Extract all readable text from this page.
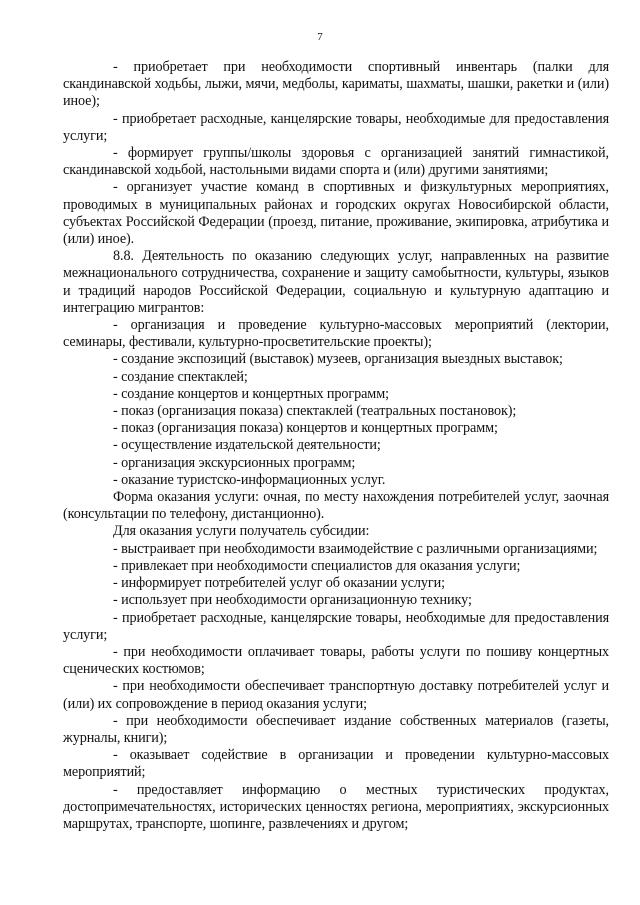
7

- приобретает при необходимости спортивный инвентарь (палки для скандинавской ходьбы, лыжи, мячи, медболы, кариматы, шахматы, шашки, ракетки и (или) иное);

- приобретает расходные, канцелярские товары, необходимые для предоставления услуги;

- формирует группы/школы здоровья с организацией занятий гимнастикой, скандинавской ходьбой, настольными видами спорта и (или) другими занятиями;

- организует участие команд в спортивных и физкультурных мероприятиях, проводимых в муниципальных районах и городских округах Новосибирской области, субъектах Российской Федерации (проезд, питание, проживание, экипировка, атрибутика и (или) иное).

8.8. Деятельность по оказанию следующих услуг, направленных на развитие межнационального сотрудничества, сохранение и защиту самобытности, культуры, языков и традиций народов Российской Федерации, социальную и культурную адаптацию и интеграцию мигрантов:

- организация и проведение культурно-массовых мероприятий (лектории, семинары, фестивали, культурно-просветительские проекты);

- создание экспозиций (выставок) музеев, организация выездных выставок;

- создание спектаклей;

- создание концертов и концертных программ;

- показ (организация показа) спектаклей (театральных постановок);

- показ (организация показа) концертов и концертных программ;

- осуществление издательской деятельности;

- организация экскурсионных программ;

- оказание туристско-информационных услуг.

Форма оказания услуги: очная, по месту нахождения потребителей услуг, заочная (консультации по телефону, дистанционно).

Для оказания услуги получатель субсидии:

- выстраивает при необходимости взаимодействие с различными организациями;

- привлекает при необходимости специалистов для оказания услуги;

- информирует потребителей услуг об оказании услуги;

- использует при необходимости организационную технику;

- приобретает расходные, канцелярские товары, необходимые для предоставления услуги;

- при необходимости оплачивает товары, работы услуги по пошиву концертных сценических костюмов;

- при необходимости обеспечивает транспортную доставку потребителей услуг и (или) их сопровождение в период оказания услуги;

- при необходимости обеспечивает издание собственных материалов (газеты, журналы, книги);

- оказывает содействие в организации и проведении культурно-массовых мероприятий;

- предоставляет информацию о местных туристических продуктах, достопримечательностях, исторических ценностях региона, мероприятиях, экскурсионных маршрутах, транспорте, шопинге, развлечениях и другом;
